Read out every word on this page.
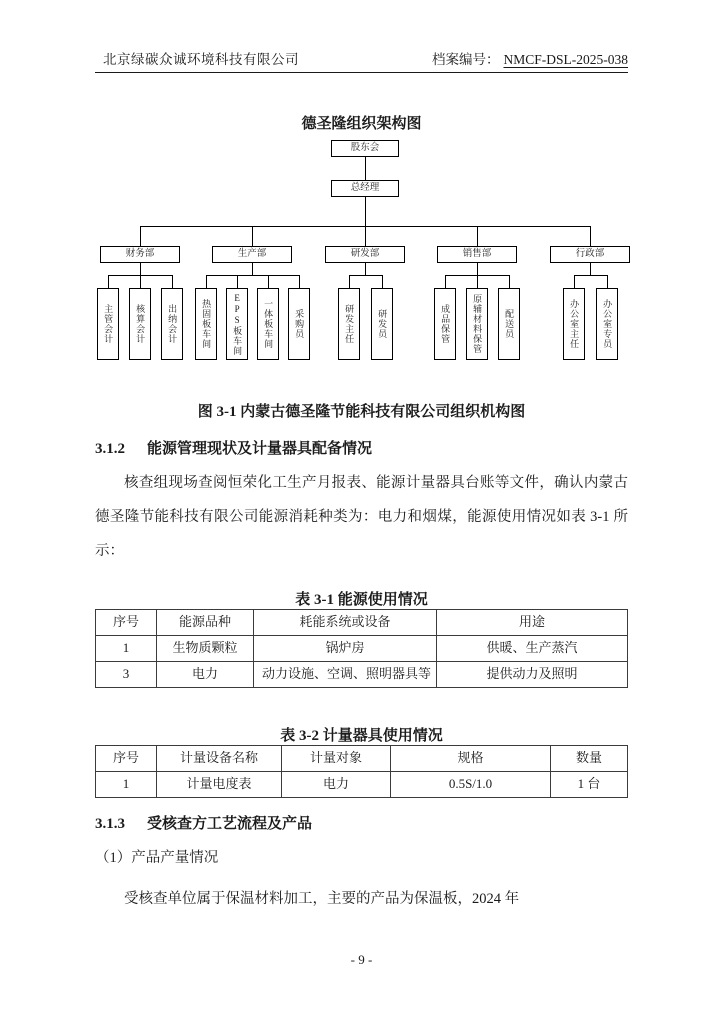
北京绿碳众诚环境科技有限公司	档案编号： NMCF-DSL-2025-038
德圣隆组织架构图
股东会
总经理
财务部	生产部	研发部	销售部	行政部
主管会计 核算会计 出纳会计	热固板车间 EPS板车间 一体板车间 采购员	研发主任	研发员	成品保管 原辅材料保管 配送员	办公室主任	办公室专员
图 3-1 内蒙古德圣隆节能科技有限公司组织机构图
3.1.2 能源管理现状及计量器具配备情况

核查组现场查阅恒荣化工生产月报表、能源计量器具台账等文件，确认内蒙古德圣隆节能科技有限公司能源消耗种类为：电力和烟煤，能源使用情况如表 3-1 所示：

表 3-1 能源使用情况
序号	能源品种	耗能系统或设备	用途
1	生物质颗粒	锅炉房	供暖、生产蒸汽
3	电力	动力设施、空调、照明器具等	提供动力及照明
表 3-2 计量器具使用情况
序号	计量设备名称	计量对象	规格	数量
1	计量电度表	电力	0.5S/1.0	1 台
3.1.3 受核查方工艺流程及产品
（1）产品产量情况

受核查单位属于保温材料加工，主要的产品为保温板，2024 年

- 9 -
